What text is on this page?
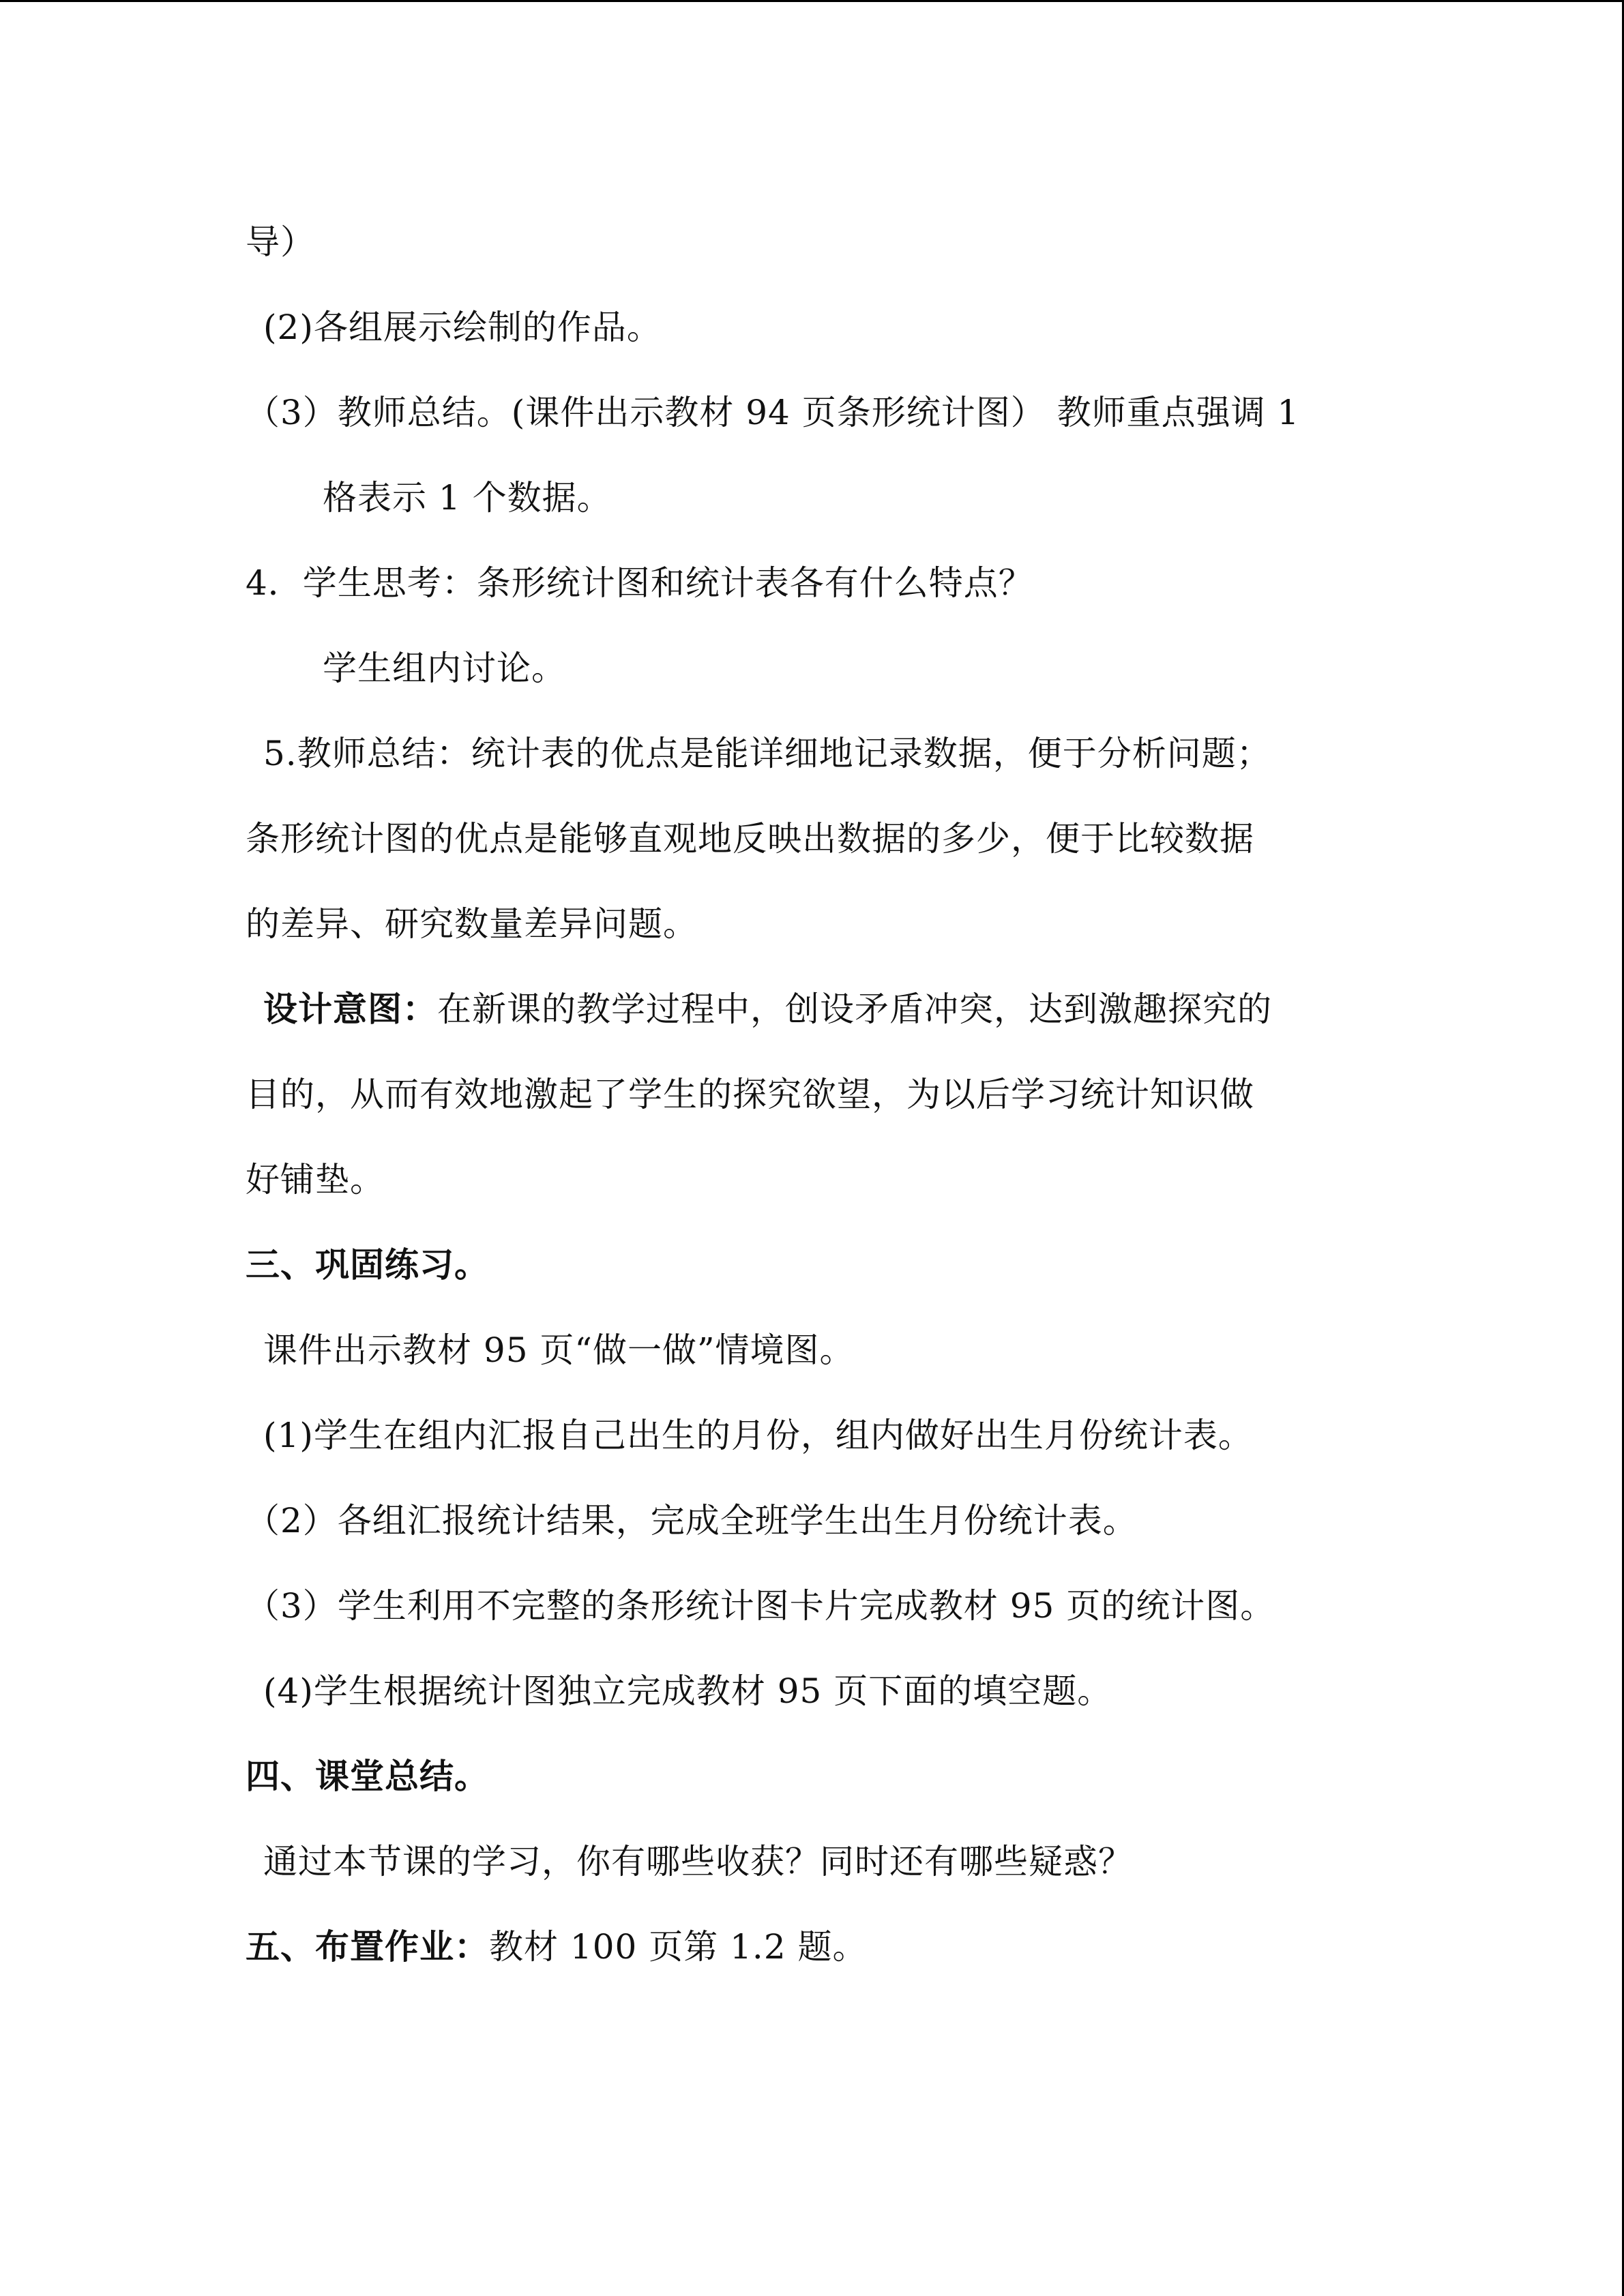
导）
(2)各组展示绘制的作品。
（3）教师总结。(课件出示教材 94 页条形统计图） 教师重点强调 1
格表示 1 个数据。
4．学生思考：条形统计图和统计表各有什么特点？
学生组内讨论。
5.教师总结：统计表的优点是能详细地记录数据，便于分析问题；
条形统计图的优点是能够直观地反映出数据的多少，便于比较数据
的差异、研究数量差异问题。
设计意图：在新课的教学过程中，创设矛盾冲突，达到激趣探究的
目的，从而有效地激起了学生的探究欲望，为以后学习统计知识做
好铺垫。
三、巩固练习。
课件出示教材 95 页“做一做”情境图。
(1)学生在组内汇报自己出生的月份，组内做好出生月份统计表。
（2）各组汇报统计结果，完成全班学生出生月份统计表。
（3）学生利用不完整的条形统计图卡片完成教材 95 页的统计图。
(4)学生根据统计图独立完成教材 95 页下面的填空题。
四、课堂总结。
通过本节课的学习，你有哪些收获？同时还有哪些疑惑？
五、布置作业：教材 100 页第 1.2 题。
